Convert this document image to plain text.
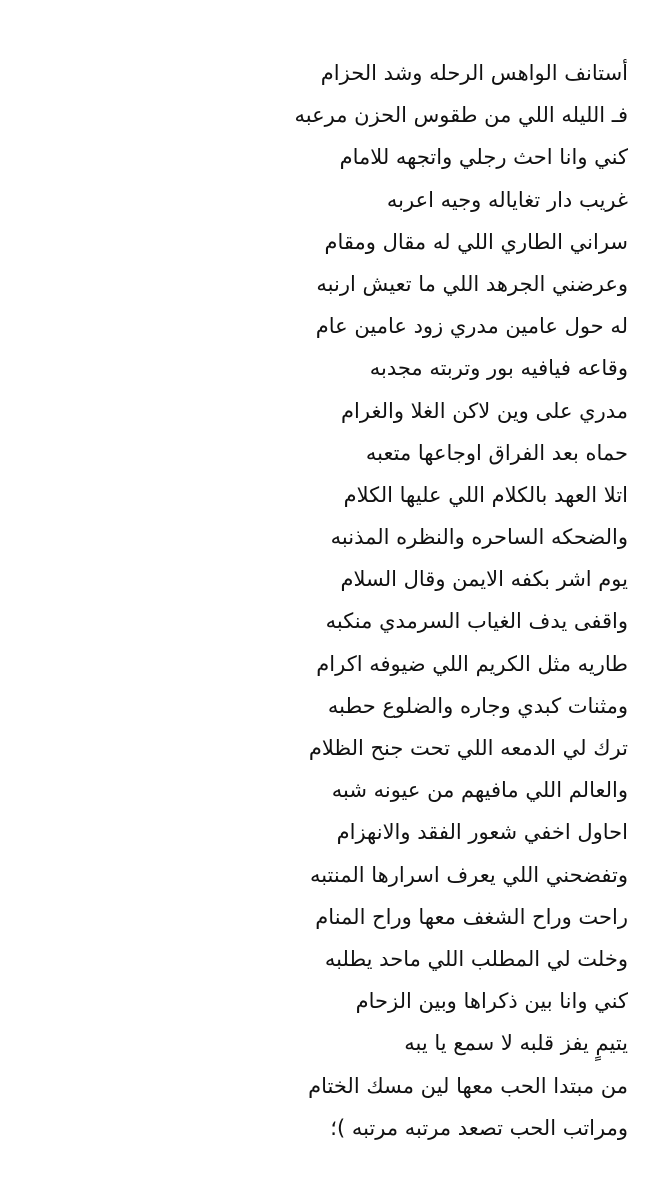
أستانف الواهس الرحله وشد الحزام
فـ الليله اللي من طقوس الحزن مرعبه
كني وانا احث رجلي واتجهه للامام
غريب دار تغاياله وجيه اعربه
سراني الطاري اللي له مقال ومقام
وعرضني الجرهد اللي ما تعيش ارنبه
له حول عامين مدري زود عامين عام
وقاعه فيافيه بور وتربته مجدبه
مدري على وين لاكن الغلا والغرام
حماه بعد الفراق اوجاعها متعبه
اتلا العهد بالكلام اللي عليها الكلام
والضحكه الساحره والنظره المذنبه
يوم اشر بكفه الايمن وقال السلام
واقفى يدف الغياب السرمدي منكبه
طاريه مثل الكريم اللي ضيوفه اكرام
ومثنات كبدي وجاره والضلوع حطبه
ترك لي الدمعه اللي تحت جنح الظلام
والعالم اللي مافيهم من عيونه شبه
احاول اخفي شعور الفقد والانهزام
وتفضحني اللي يعرف اسرارها المنتبه
راحت وراح الشغف معها وراح المنام
وخلت لي المطلب اللي ماحد يطلبه
كني وانا بين ذكراها وبين الزحام
يتيمٍ يفز قلبه لا سمع يا يبه
من مبتدا الحب معها لين مسك الختام
ومراتب الحب تصعد مرتبه مرتبه )؛
